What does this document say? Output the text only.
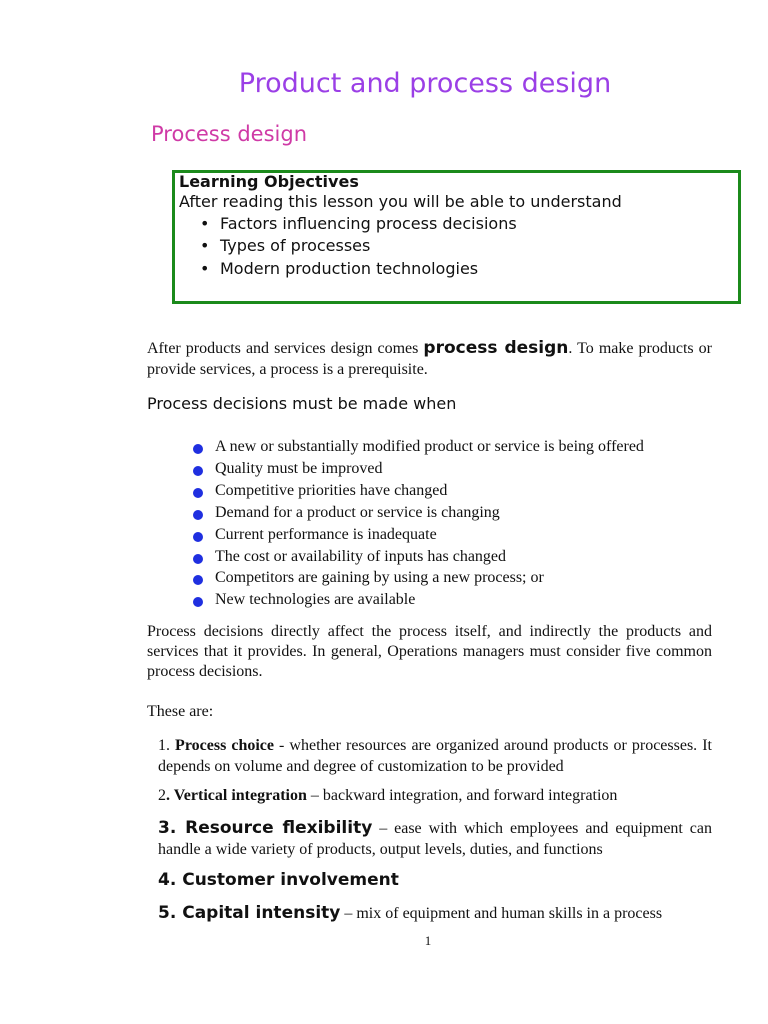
Product and process design
Process design
Learning Objectives
After reading this lesson you will be able to understand
• Factors influencing process decisions
• Types of processes
• Modern production technologies
After products and services design comes process design. To make products or provide services, a process is a prerequisite.
Process decisions must be made when
A new or substantially modified product or service is being offered
Quality must be improved
Competitive priorities have changed
Demand for a product or service is changing
Current performance is inadequate
The cost or availability of inputs has changed
Competitors are gaining by using a new process; or
New technologies are available
Process decisions directly affect the process itself, and indirectly the products and services that it provides. In general, Operations managers must consider five common process decisions.
These are:
1. Process choice - whether resources are organized around products or processes. It depends on volume and degree of customization to be provided
2. Vertical integration – backward integration, and forward integration
3. Resource flexibility – ease with which employees and equipment can handle a wide variety of products, output levels, duties, and functions
4. Customer involvement
5. Capital intensity – mix of equipment and human skills in a process
1
